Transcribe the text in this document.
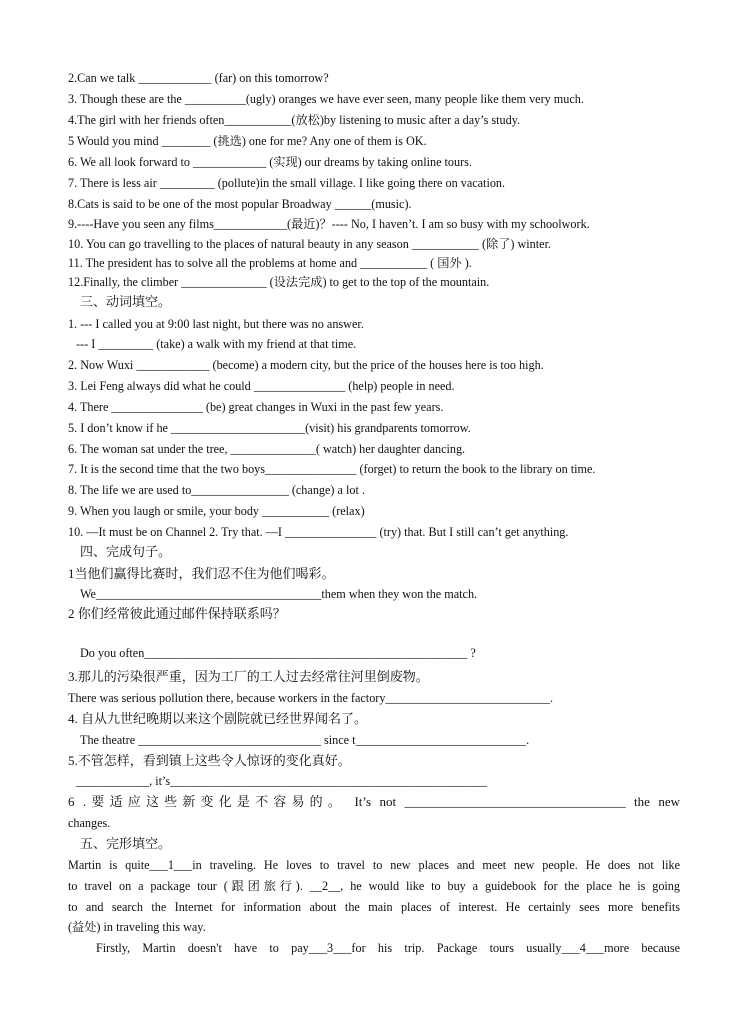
2.Can we talk ____________ (far) on this tomorrow?
3. Though these are the __________(ugly) oranges we have ever seen, many people like them very much.
4.The girl with her friends often___________(放松)by listening to music after a day’s study.
5 Would you mind ________ (挑选) one for me? Any one of them is OK.
6. We all look forward to ____________ (实现) our dreams by taking online tours.
7. There is less air _________ (pollute)in the small village. I like going there on vacation.
8.Cats is said to be one of the most popular Broadway ______(music).
9.----Have you seen any films____________(最近)？---- No, I haven’t. I am so busy with my schoolwork.
10. You can go travelling to the places of natural beauty in any season ___________ (除了) winter.
11. The president has to solve all the problems at home and ___________ ( 国外 ).
12.Finally, the climber ______________ (设法完成) to get to the top of the mountain.
三、动词填空。
1. --- I called you at 9:00 last night, but there was no answer.
--- I _________ (take) a walk with my friend at that time.
2. Now Wuxi ____________ (become) a modern city, but the price of the houses here is too high.
3. Lei Feng always did what he could _______________ (help) people in need.
4. There _______________ (be) great changes in Wuxi in the past few years.
5. I don’t know if he ______________________(visit) his grandparents tomorrow.
6. The woman sat under the tree, ______________( watch) her daughter dancing.
7. It is the second time that the two boys_______________ (forget) to return the book to the library on time.
8. The life we are used to________________ (change) a lot .
9. When you laugh or smile, your body ___________ (relax)
10. —It must be on Channel 2. Try that. —I _______________ (try) that. But I still can’t get anything.
四、完成句子。
1当他们赢得比赛时，我们忍不住为他们喝彩。
We_____________________________________them when they won the match.
2 你们经常彼此通过邮件保持联系吗？
Do you often_____________________________________________________ ?
3.那儿的污染很严重，因为工厂的工人过去经常往河里倒废物。
There was serious pollution there, because workers in the factory___________________________.
4. 自从九世纪晚期以来这个剧院就已经世界闻名了。
The theatre ______________________________ since t____________________________.
5.不管怎样，看到镇上这些令人惊讶的变化真好。
____________, it’s____________________________________________________
6 .要适应这些新变化是不容易的。 It’s not __________________________________ the new
changes.
五、完形填空。
Martin is quite___1___in traveling. He loves to travel to new places and meet new people. He does not like
to travel on a package tour (跟团旅行). __2__, he would like to buy a guidebook for the place he is going
to and search the Internet for information about the main places of interest. He certainly sees more benefits
(益处) in traveling this way.
Firstly, Martin doesn't have to pay___3___for his trip. Package tours usually___4___more because
